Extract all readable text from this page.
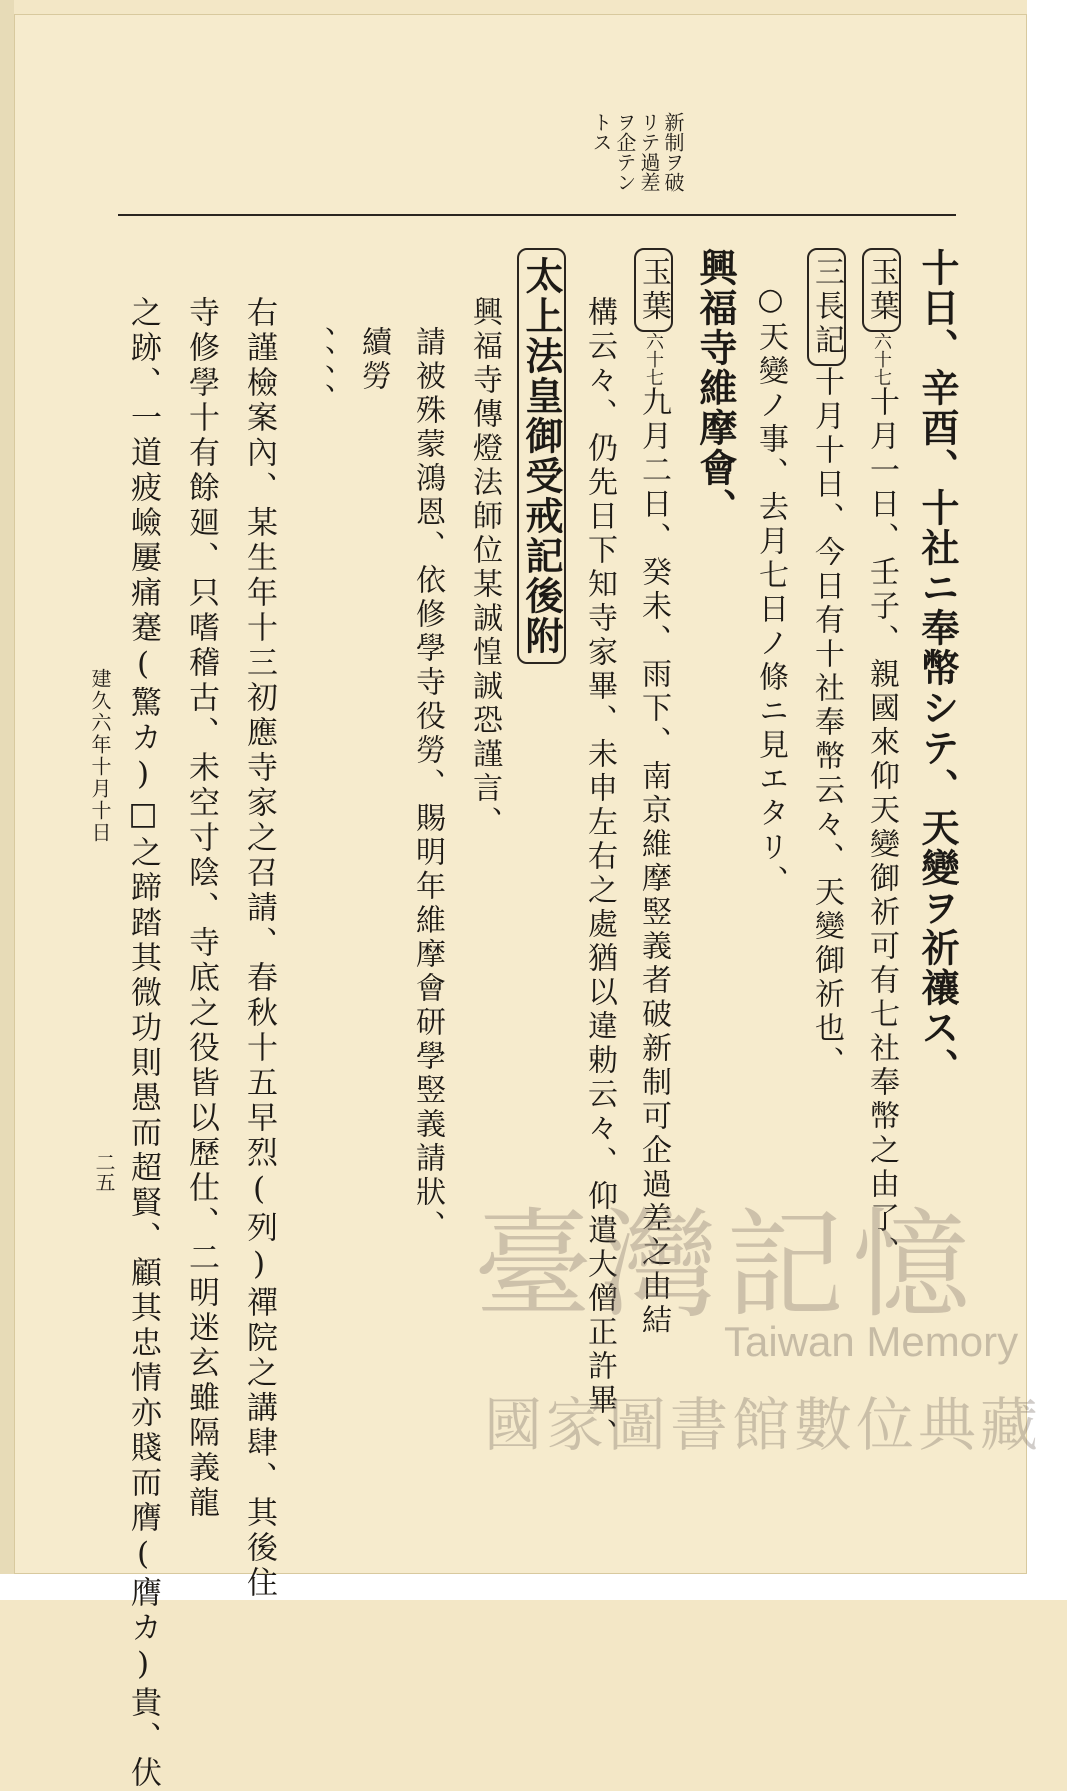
新制ヲ破
リテ過差
ヲ企テン
トス
十日、辛酉、十社ニ奉幣シテ、天變ヲ祈禳ス、
玉葉六十七十月一日、壬子、親國來仰天變御祈可有七社奉幣之由了、
三長記十月十日、今日有十社奉幣云々、天變御祈也、
○天變ノ事、去月七日ノ條ニ見エタリ、
興福寺維摩會、
玉葉六十七九月二日、癸未、雨下、南京維摩竪義者破新制可企過差之由結
構云々、仍先日下知寺家畢、未申左右之處猶以違勅云々、仰遣大僧正許畢、
太上法皇御受戒記後附
興福寺傳燈法師位某誠惶誠恐謹言、
請被殊蒙鴻恩、依修學寺役勞、賜明年維摩會研學竪義請狀、
續勞
、、、、
右謹檢案內、某生年十三初應寺家之召請、春秋十五早烈(列)禪院之講肆、其後住
寺修學十有餘廻、只嗜稽古、未空寸陰、寺底之役皆以歷仕、二明迷玄雖隔義龍
之跡、一道疲嶮屢痛蹇(驚カ)□之蹄踏其微功則愚而超賢、顧其忠情亦賤而膺(膺カ)貴、伏
建久六年十月十日
二五
臺灣記憶
Taiwan Memory
國家圖書館數位典藏
